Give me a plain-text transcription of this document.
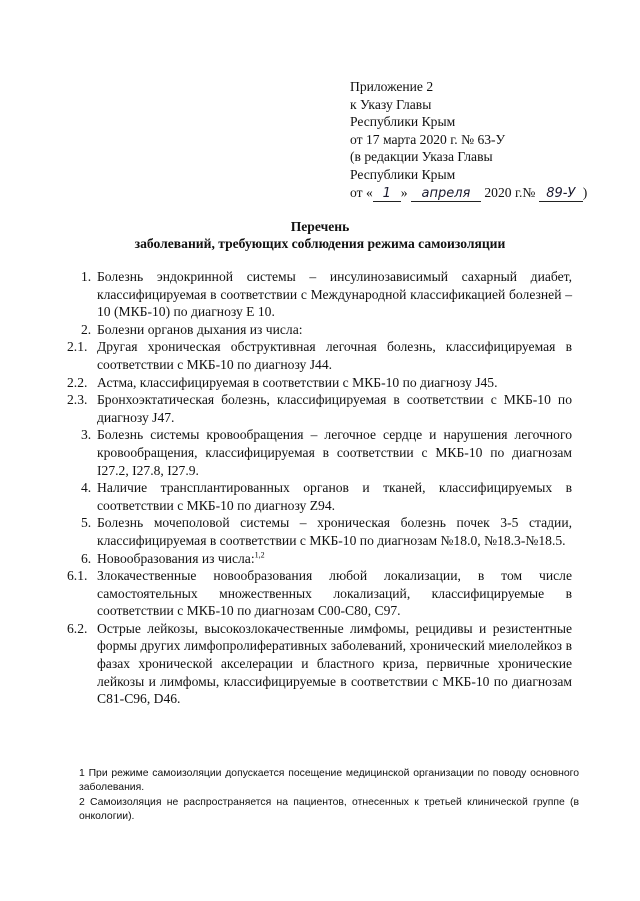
Приложение 2
к Указу Главы
Республики Крым
от 17 марта 2020 г. № 63-У
(в редакции Указа Главы
Республики Крым
от « 1 » апреля 2020 г.№ 89-У )
Перечень
заболеваний, требующих соблюдения режима самоизоляции
1. Болезнь эндокринной системы – инсулинозависимый сахарный диабет, классифицируемая в соответствии с Международной классификацией болезней – 10 (МКБ-10) по диагнозу Е 10.
2. Болезни органов дыхания из числа:
2.1. Другая хроническая обструктивная легочная болезнь, классифицируемая в соответствии с МКБ-10 по диагнозу J44.
2.2. Астма, классифицируемая в соответствии с МКБ-10 по диагнозу J45.
2.3. Бронхоэктатическая болезнь, классифицируемая в соответствии с МКБ-10 по диагнозу J47.
3. Болезнь системы кровообращения – легочное сердце и нарушения легочного кровообращения, классифицируемая в соответствии с МКБ-10 по диагнозам I27.2, I27.8, I27.9.
4. Наличие трансплантированных органов и тканей, классифицируемых в соответствии с МКБ-10 по диагнозу Z94.
5. Болезнь мочеполовой системы – хроническая болезнь почек 3-5 стадии, классифицируемая в соответствии с МКБ-10 по диагнозам №18.0, №18.3-№18.5.
6. Новообразования из числа:$^{1,2}$
6.1. Злокачественные новообразования любой локализации, в том числе самостоятельных множественных локализаций, классифицируемые в соответствии с МКБ-10 по диагнозам С00-С80, С97.
6.2. Острые лейкозы, высокозлокачественные лимфомы, рецидивы и резистентные формы других лимфопролиферативных заболеваний, хронический миелолейкоз в фазах хронической акселерации и бластного криза, первичные хронические лейкозы и лимфомы, классифицируемые в соответствии с МКБ-10 по диагнозам С81-С96, D46.
1 При режиме самоизоляции допускается посещение медицинской организации по поводу основного заболевания.
2 Самоизоляция не распространяется на пациентов, отнесенных к третьей клинической группе (в онкологии).
